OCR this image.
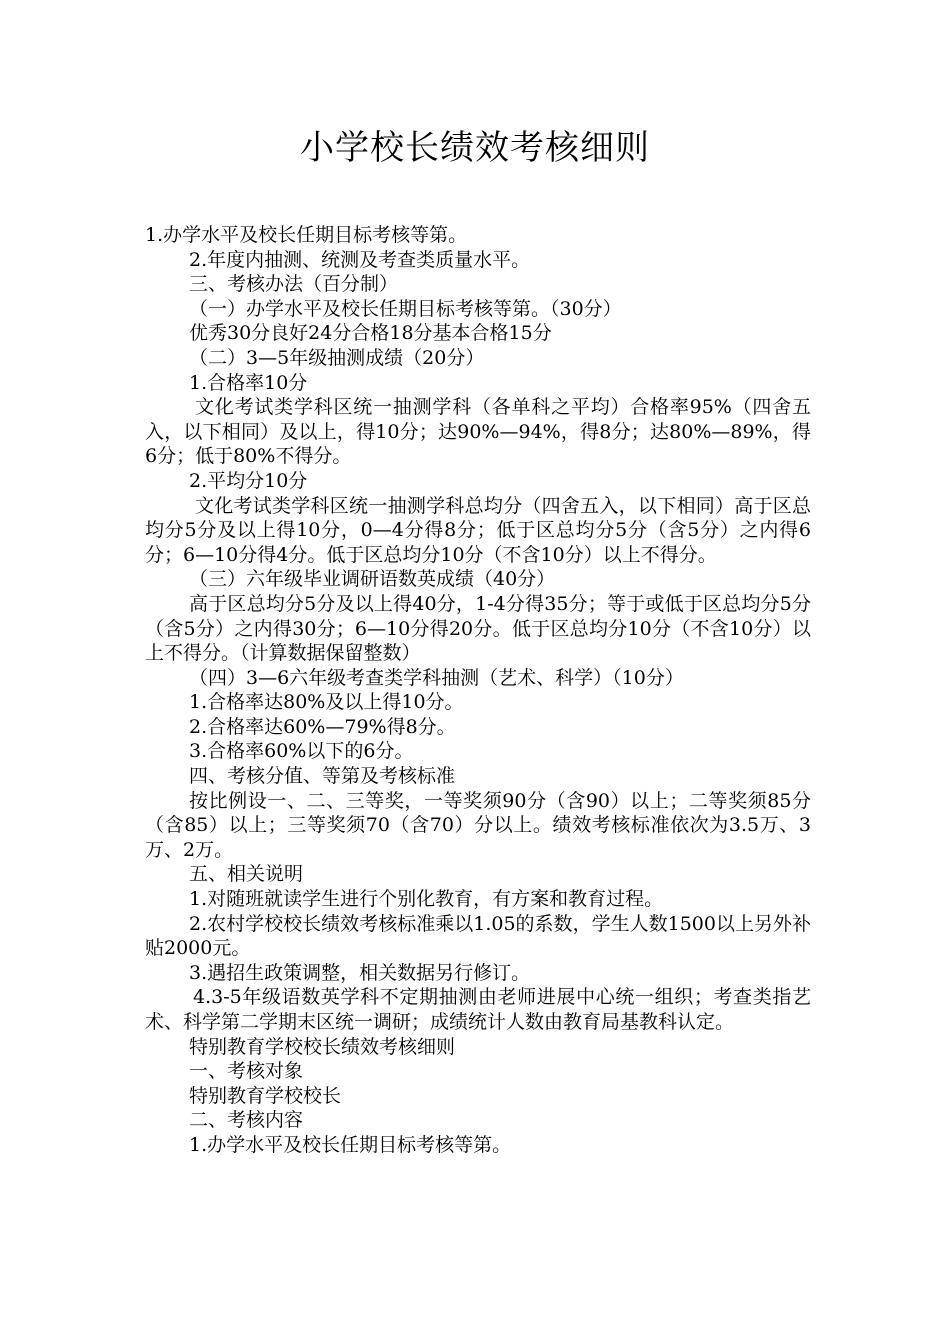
小学校长绩效考核细则

1.办学水平及校长任期目标考核等第。

2.年度内抽测、统测及考查类质量水平。

三、考核办法（百分制）

（一）办学水平及校长任期目标考核等第。（30分）

优秀30分良好24分合格18分基本合格15分

（二）3—5年级抽测成绩（20分）

1.合格率10分

文化考试类学科区统一抽测学科（各单科之平均）合格率95%（四舍五入，以下相同）及以上，得10分；达90%—94%，得8分；达80%—89%，得6分；低于80%不得分。

2.平均分10分

文化考试类学科区统一抽测学科总均分（四舍五入，以下相同）高于区总均分5分及以上得10分，0—4分得8分；低于区总均分5分（含5分）之内得6分；6—10分得4分。低于区总均分10分（不含10分）以上不得分。

（三）六年级毕业调研语数英成绩（40分）

高于区总均分5分及以上得40分，1-4分得35分；等于或低于区总均分5分（含5分）之内得30分；6—10分得20分。低于区总均分10分（不含10分）以上不得分。（计算数据保留整数）

（四）3—6六年级考查类学科抽测（艺术、科学）（10分）

1.合格率达80%及以上得10分。

2.合格率达60%—79%得8分。

3.合格率60%以下的6分。

四、考核分值、等第及考核标准

按比例设一、二、三等奖，一等奖须90分（含90）以上；二等奖须85分（含85）以上；三等奖须70（含70）分以上。绩效考核标准依次为3.5万、3万、2万。

五、相关说明

1.对随班就读学生进行个别化教育，有方案和教育过程。

2.农村学校校长绩效考核标准乘以1.05的系数，学生人数1500以上另外补贴2000元。

3.遇招生政策调整，相关数据另行修订。

4.3-5年级语数英学科不定期抽测由老师进展中心统一组织；考查类指艺术、科学第二学期末区统一调研；成绩统计人数由教育局基教科认定。

特别教育学校校长绩效考核细则

一、考核对象

特别教育学校校长

二、考核内容

1.办学水平及校长任期目标考核等第。
